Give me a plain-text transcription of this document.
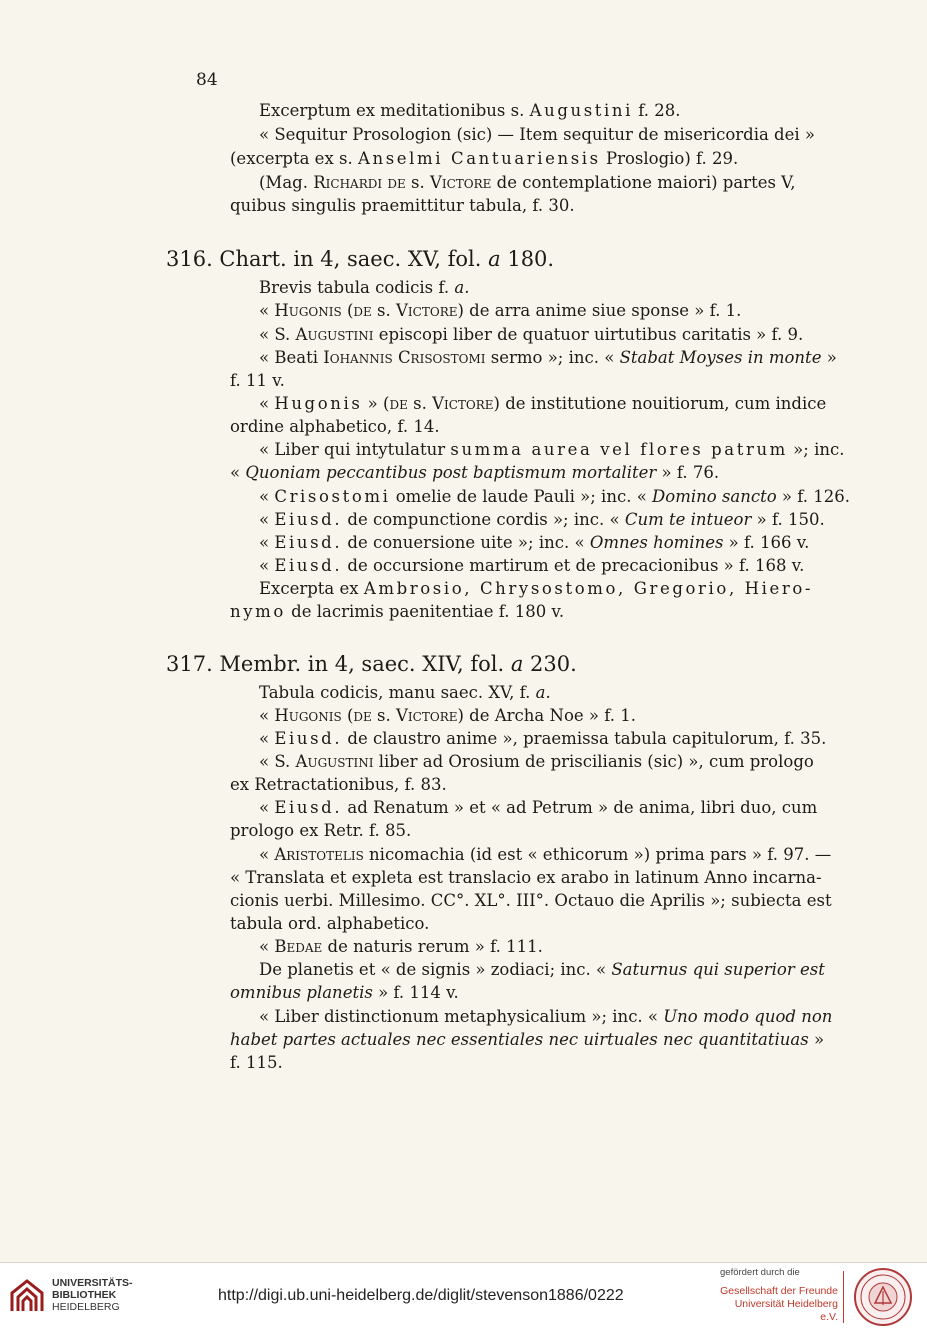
84
Excerptum ex meditationibus s. Augustini f. 28.
« Sequitur Prosologion (sic) — Item sequitur de misericordia dei »
(excerpta ex s. Anselmi Cantuariensis Proslogio) f. 29.
(Mag. Richardi de s. Victore de contemplatione maiori) partes V,
quibus singulis praemittitur tabula, f. 30.
316. Chart. in 4, saec. XV, fol. a 180.
Brevis tabula codicis f. a.
« Hugonis (de s. Victore) de arra anime siue sponse » f. 1.
« S. Augustini episcopi liber de quatuor uirtutibus caritatis » f. 9.
« Beati Iohannis Crisostomi sermo »; inc. « Stabat Moyses in monte »
f. 11 v.
« Hugonis » (de s. Victore) de institutione nouitiorum, cum indice
ordine alphabetico, f. 14.
« Liber qui intytulatur summa aurea vel flores patrum »; inc.
« Quoniam peccantibus post baptismum mortaliter » f. 76.
« Crisostomi omelie de laude Pauli »; inc. « Domino sancto » f. 126.
« Eiusd. de compunctione cordis »; inc. « Cum te intueor » f. 150.
« Eiusd. de conuersione uite »; inc. « Omnes homines » f. 166 v.
« Eiusd. de occursione martirum et de precacionibus » f. 168 v.
Excerpta ex Ambrosio, Chrysostomo, Gregorio, Hiero-
nymo de lacrimis paenitentiae f. 180 v.
317. Membr. in 4, saec. XIV, fol. a 230.
Tabula codicis, manu saec. XV, f. a.
« Hugonis (de s. Victore) de Archa Noe » f. 1.
« Eiusd. de claustro anime », praemissa tabula capitulorum, f. 35.
« S. Augustini liber ad Orosium de priscilianis (sic) », cum prologo
ex Retractationibus, f. 83.
« Eiusd. ad Renatum » et « ad Petrum » de anima, libri duo, cum
prologo ex Retr. f. 85.
« Aristotelis nicomachia (id est « ethicorum ») prima pars » f. 97. —
« Translata et expleta est translacio ex arabo in latinum Anno incarna-
cionis uerbi. Millesimo. CC°. XL°. III°. Octauo die Aprilis »; subiecta est
tabula ord. alphabetico.
« Bedae de naturis rerum » f. 111.
De planetis et « de signis » zodiaci; inc. « Saturnus qui superior est
omnibus planetis » f. 114 v.
« Liber distinctionum metaphysicalium »; inc. « Uno modo quod non
habet partes actuales nec essentiales nec uirtuales nec quantitatiuas »
f. 115.
UNIVERSITÄTS-
BIBLIOTHEK
HEIDELBERG
http://digi.ub.uni-heidelberg.de/diglit/stevenson1886/0222
gefördert durch die
Gesellschaft der Freunde
Universität Heidelberg e.V.
